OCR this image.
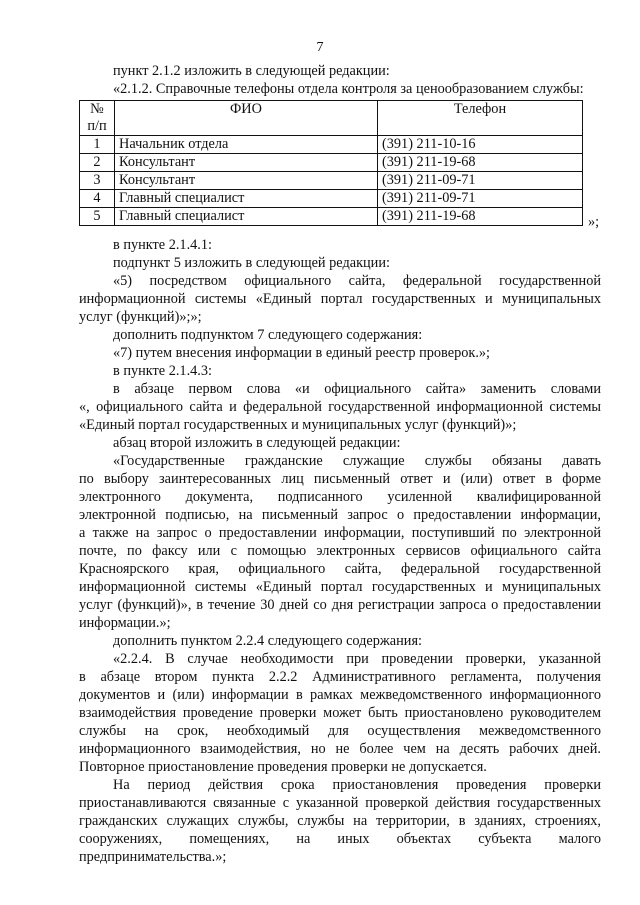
7
пункт 2.1.2 изложить в следующей редакции:
«2.1.2. Справочные телефоны отдела контроля за ценообразованием службы:
№
п/п	ФИО	Телефон
1	Начальник отдела	(391) 211-10-16
2	Консультант	(391) 211-19-68
3	Консультант	(391) 211-09-71
4	Главный специалист	(391) 211-09-71
5	Главный специалист	(391) 211-19-68	»;
в пункте 2.1.4.1:
подпункт 5 изложить в следующей редакции:
«5) посредством официального сайта, федеральной государственной
информационной системы «Единый портал государственных и муниципальных
услуг (функций)»;»;
дополнить подпунктом 7 следующего содержания:
«7) путем внесения информации в единый реестр проверок.»;
в пункте 2.1.4.3:
в абзаце первом слова «и официального сайта» заменить словами
«, официального сайта и федеральной государственной информационной системы
«Единый портал государственных и муниципальных услуг (функций)»;
абзац второй изложить в следующей редакции:
«Государственные гражданские служащие службы обязаны давать
по выбору заинтересованных лиц письменный ответ и (или) ответ в форме
электронного документа, подписанного усиленной квалифицированной
электронной подписью, на письменный запрос о предоставлении информации,
а также на запрос о предоставлении информации, поступивший по электронной
почте, по факсу или с помощью электронных сервисов официального сайта
Красноярского края, официального сайта, федеральной государственной
информационной системы «Единый портал государственных и муниципальных
услуг (функций)», в течение 30 дней со дня регистрации запроса о предоставлении
информации.»;
дополнить пунктом 2.2.4 следующего содержания:
«2.2.4. В случае необходимости при проведении проверки, указанной
в абзаце втором пункта 2.2.2 Административного регламента, получения
документов и (или) информации в рамках межведомственного информационного
взаимодействия проведение проверки может быть приостановлено руководителем
службы на срок, необходимый для осуществления межведомственного
информационного взаимодействия, но не более чем на десять рабочих дней.
Повторное приостановление проведения проверки не допускается.
На период действия срока приостановления проведения проверки
приостанавливаются связанные с указанной проверкой действия государственных
гражданских служащих службы, службы на территории, в зданиях, строениях,
сооружениях, помещениях, на иных объектах субъекта малого
предпринимательства.»;
